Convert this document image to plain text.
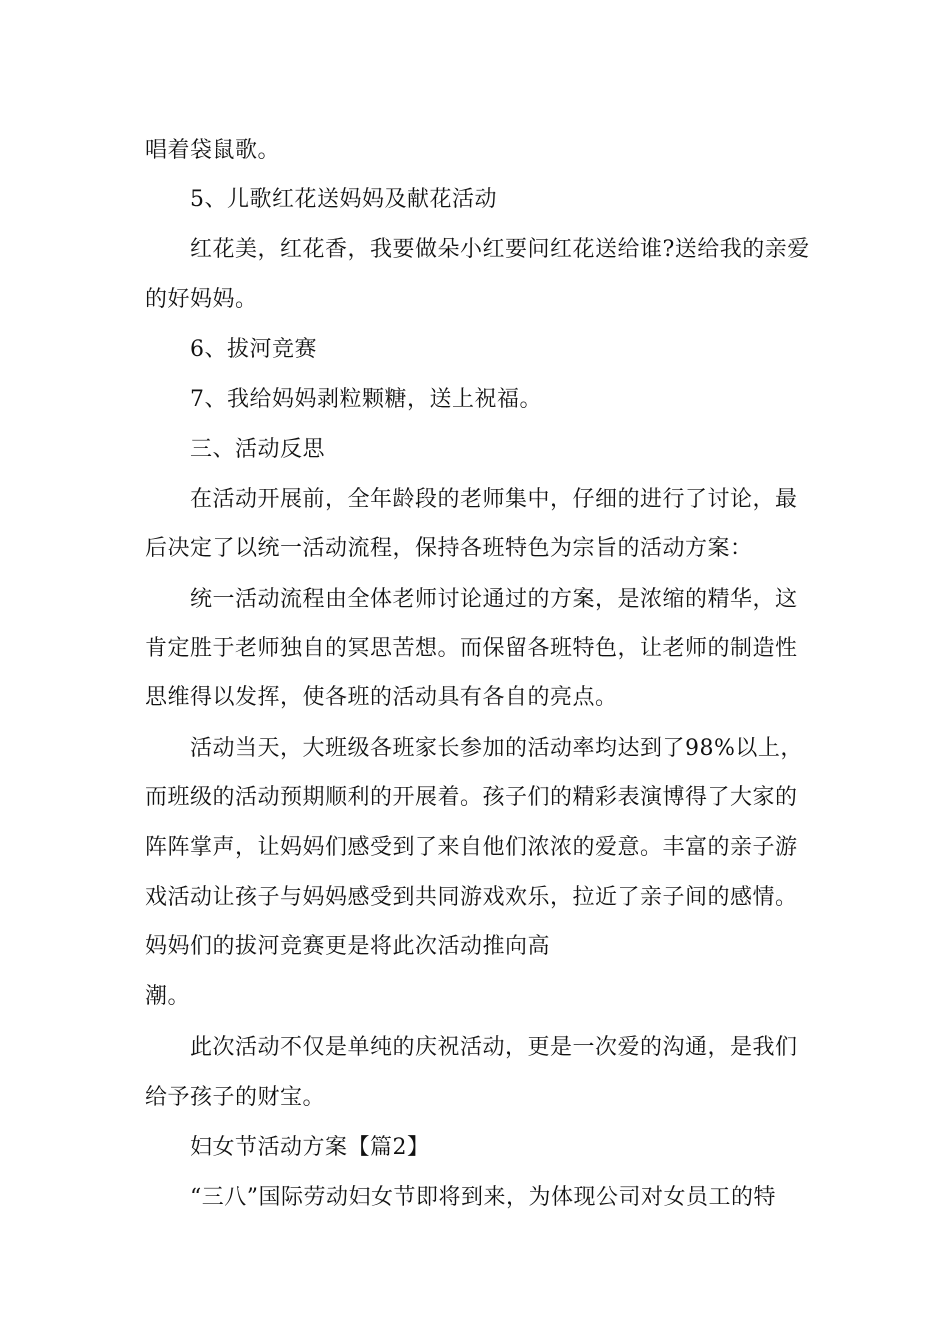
唱着袋鼠歌。
5、儿歌红花送妈妈及献花活动
红花美，红花香，我要做朵小红要问红花送给谁?送给我的亲爱
的好妈妈。
6、拔河竞赛
7、我给妈妈剥粒颗糖，送上祝福。
三、活动反思
在活动开展前，全年龄段的老师集中，仔细的进行了讨论，最
后决定了以统一活动流程，保持各班特色为宗旨的活动方案：
统一活动流程由全体老师讨论通过的方案，是浓缩的精华，这
肯定胜于老师独自的冥思苦想。而保留各班特色，让老师的制造性
思维得以发挥，使各班的活动具有各自的亮点。
活动当天，大班级各班家长参加的活动率均达到了98%以上，
而班级的活动预期顺利的开展着。孩子们的精彩表演博得了大家的
阵阵掌声，让妈妈们感受到了来自他们浓浓的爱意。丰富的亲子游
戏活动让孩子与妈妈感受到共同游戏欢乐，拉近了亲子间的感情。
妈妈们的拔河竞赛更是将此次活动推向高
潮。
此次活动不仅是单纯的庆祝活动，更是一次爱的沟通，是我们
给予孩子的财宝。
妇女节活动方案【篇2】
“三八”国际劳动妇女节即将到来，为体现公司对女员工的特
